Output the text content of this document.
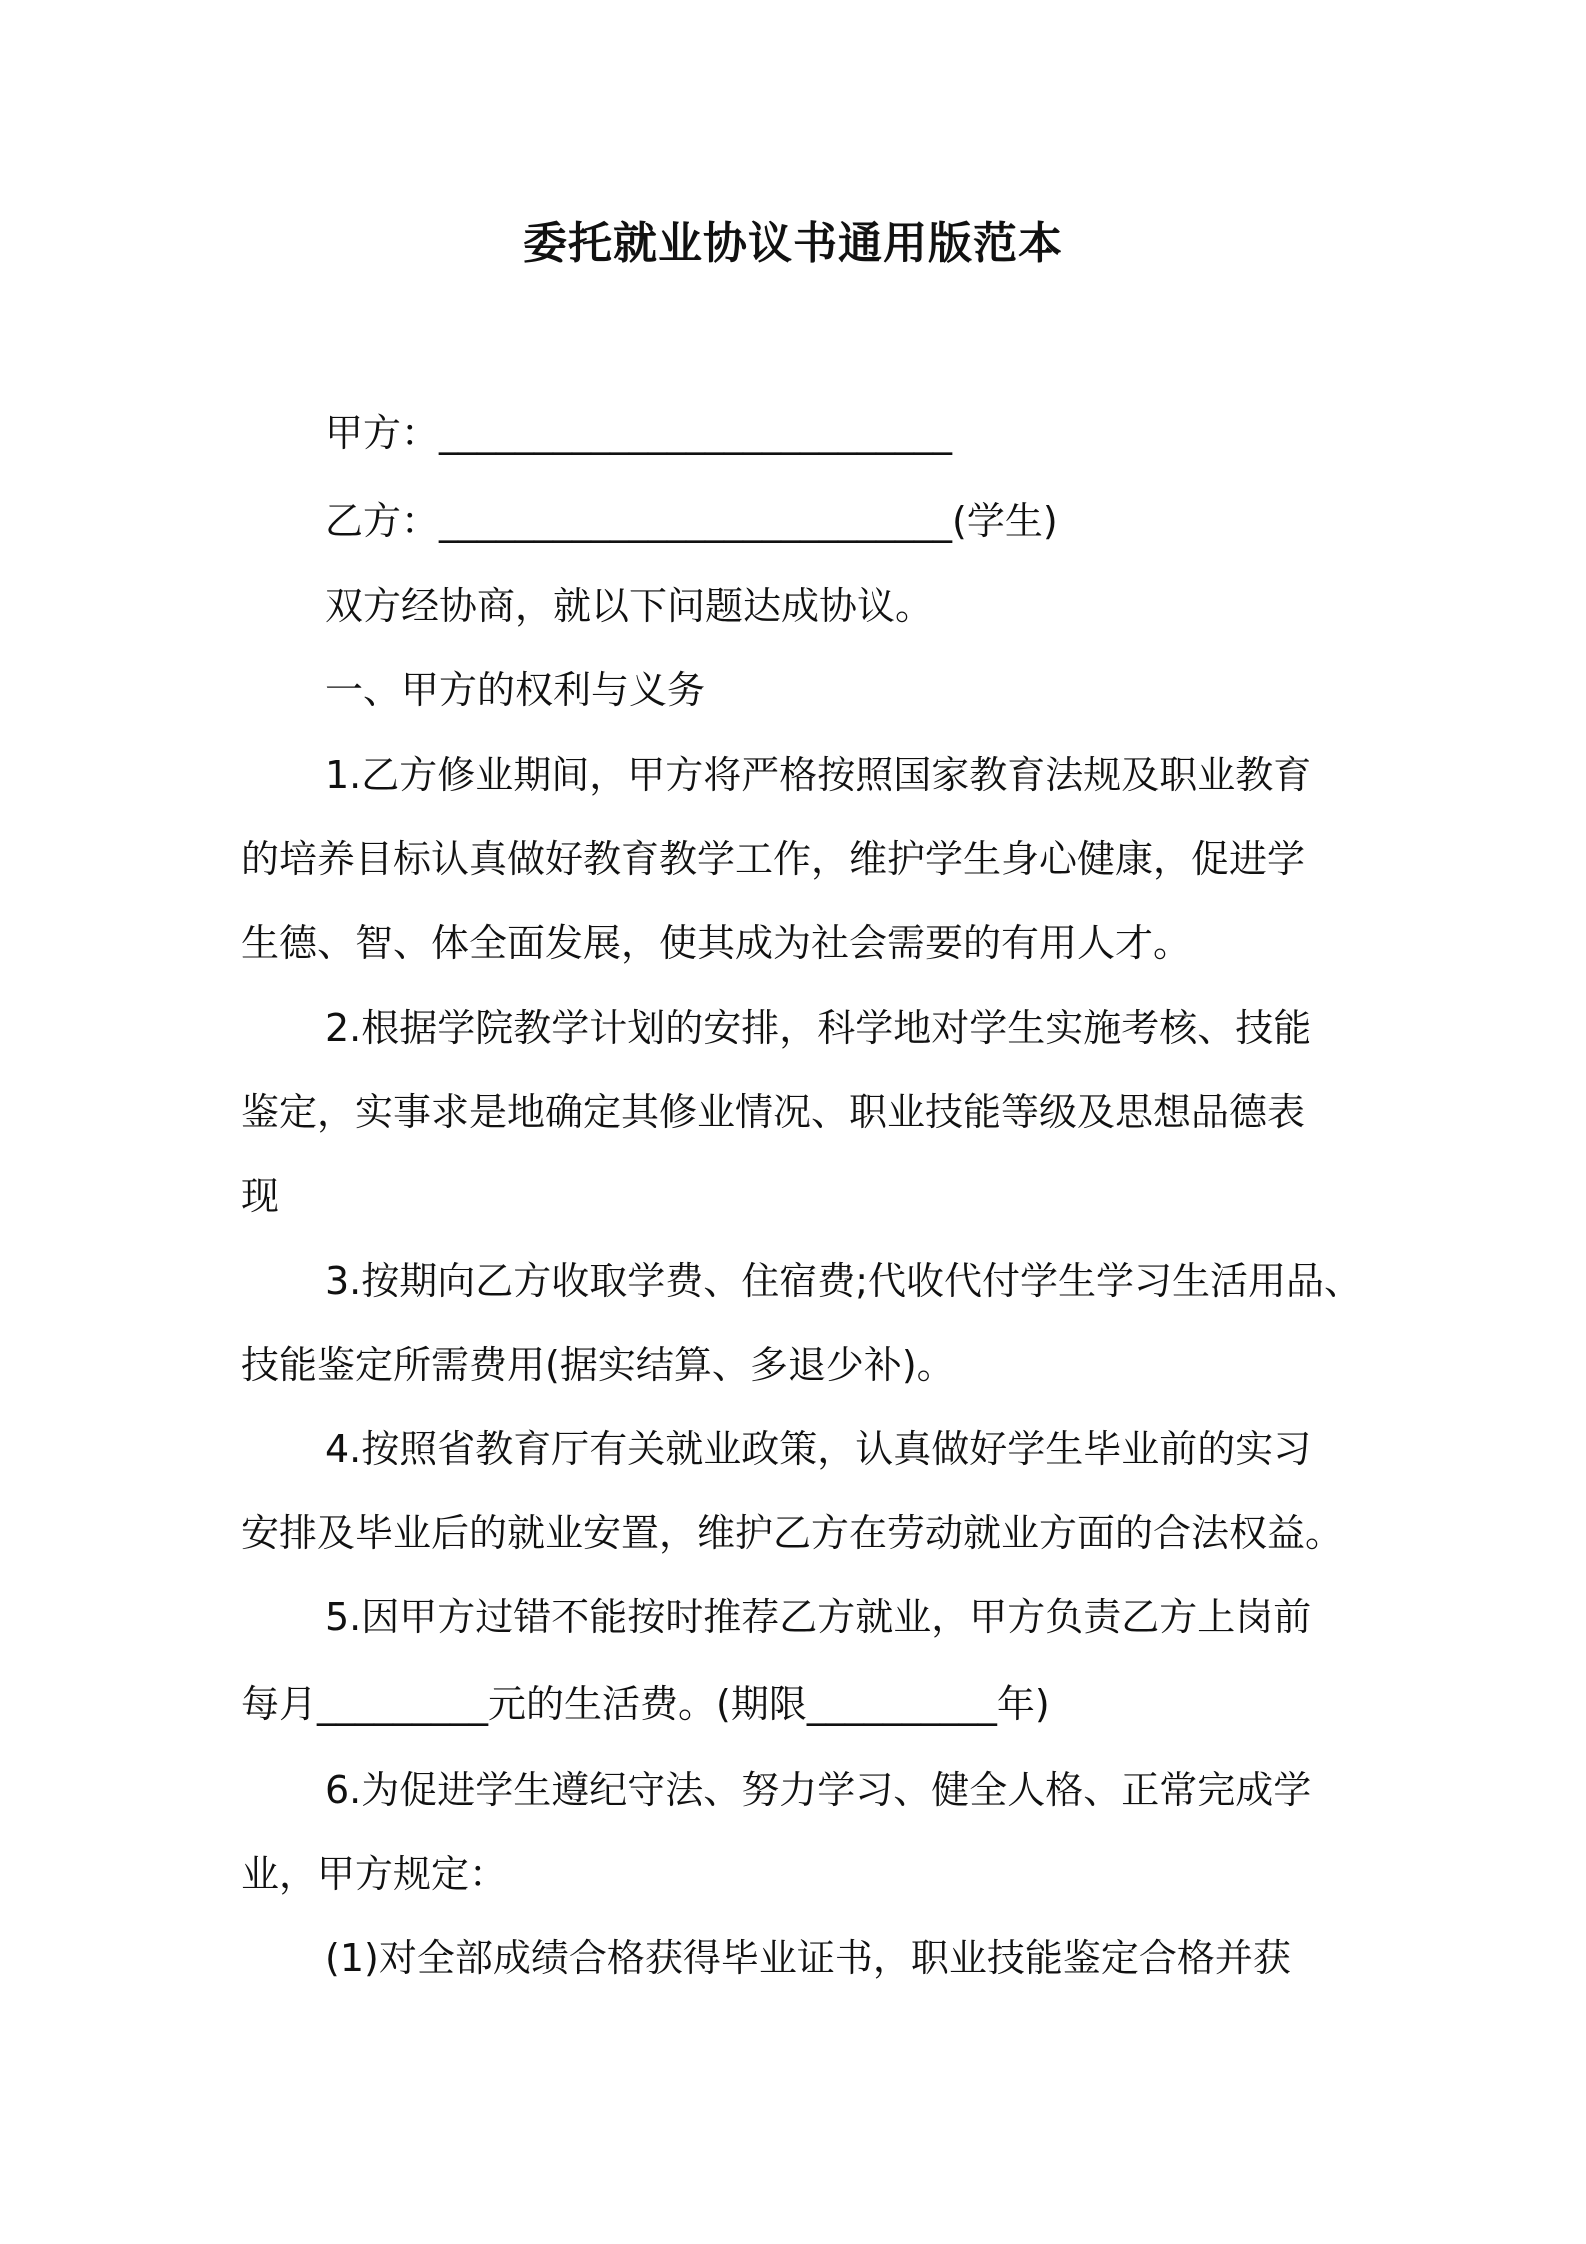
委托就业协议书通用版范本
甲方：___________________________
乙方：___________________________(学生)
双方经协商，就以下问题达成协议。
一、甲方的权利与义务
1.乙方修业期间，甲方将严格按照国家教育法规及职业教育
的培养目标认真做好教育教学工作，维护学生身心健康，促进学
生德、智、体全面发展，使其成为社会需要的有用人才。
2.根据学院教学计划的安排，科学地对学生实施考核、技能
鉴定，实事求是地确定其修业情况、职业技能等级及思想品德表
现
3.按期向乙方收取学费、住宿费;代收代付学生学习生活用品、
技能鉴定所需费用(据实结算、多退少补)。
4.按照省教育厅有关就业政策，认真做好学生毕业前的实习
安排及毕业后的就业安置，维护乙方在劳动就业方面的合法权益。
5.因甲方过错不能按时推荐乙方就业，甲方负责乙方上岗前
每月_________元的生活费。(期限__________年)
6.为促进学生遵纪守法、努力学习、健全人格、正常完成学
业，甲方规定：
(1)对全部成绩合格获得毕业证书，职业技能鉴定合格并获
